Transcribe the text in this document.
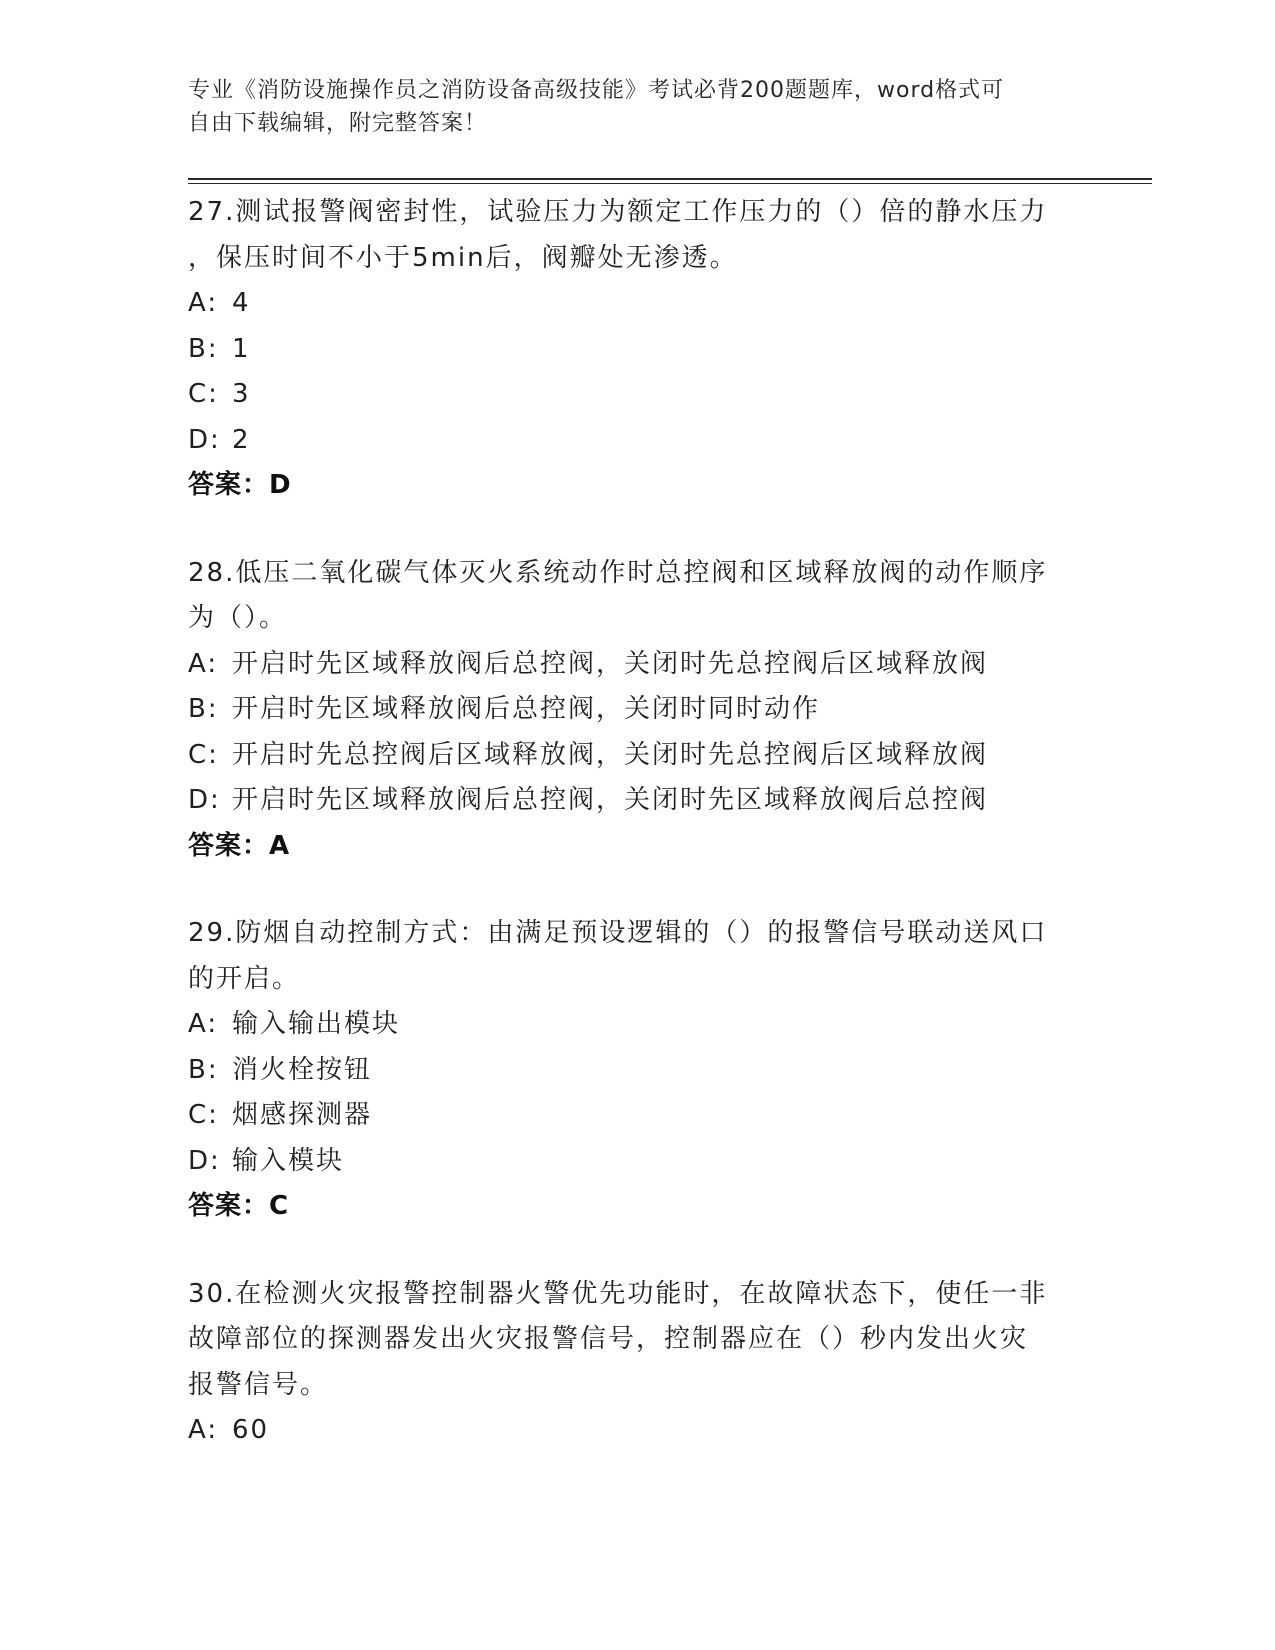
专业《消防设施操作员之消防设备高级技能》考试必背200题题库，word格式可
自由下载编辑，附完整答案！
27.测试报警阀密封性，试验压力为额定工作压力的（）倍的静水压力
，保压时间不小于5min后，阀瓣处无渗透。
A: 4
B: 1
C: 3
D: 2
答案：D
28.低压二氧化碳气体灭火系统动作时总控阀和区域释放阀的动作顺序
为（）。
A: 开启时先区域释放阀后总控阀，关闭时先总控阀后区域释放阀
B: 开启时先区域释放阀后总控阀，关闭时同时动作
C: 开启时先总控阀后区域释放阀，关闭时先总控阀后区域释放阀
D: 开启时先区域释放阀后总控阀，关闭时先区域释放阀后总控阀
答案：A
29.防烟自动控制方式：由满足预设逻辑的（）的报警信号联动送风口
的开启。
A: 输入输出模块
B: 消火栓按钮
C: 烟感探测器
D: 输入模块
答案：C
30.在检测火灾报警控制器火警优先功能时，在故障状态下，使任一非
故障部位的探测器发出火灾报警信号，控制器应在（）秒内发出火灾
报警信号。
A: 60
